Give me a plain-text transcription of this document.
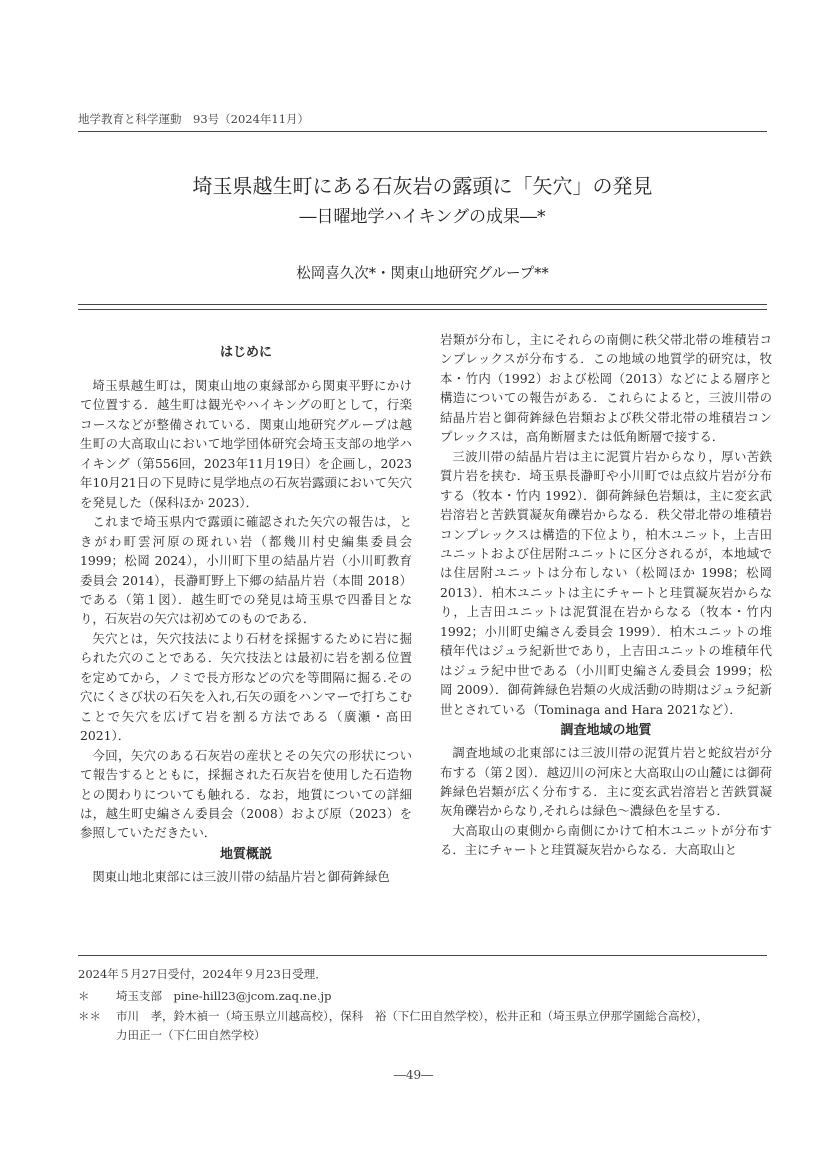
地学教育と科学運動　93号（2024年11月）
埼玉県越生町にある石灰岩の露頭に「矢穴」の発見
―日曜地学ハイキングの成果―*
松岡喜久次*・関東山地研究グループ**
はじめに

埼玉県越生町は，関東山地の東縁部から関東平野にかけて位置する．越生町は観光やハイキングの町として，行楽コースなどが整備されている．関東山地研究グループは越生町の大高取山において地学団体研究会埼玉支部の地学ハイキング（第556回，2023年11月19日）を企画し，2023年10月21日の下見時に見学地点の石灰岩露頭において矢穴を発見した（保科ほか 2023）．

これまで埼玉県内で露頭に確認された矢穴の報告は，ときがわ町雲河原の斑れい岩（都幾川村史編集委員会 1999；松岡 2024），小川町下里の結晶片岩（小川町教育委員会 2014），長瀞町野上下郷の結晶片岩（本間 2018）である（第１図）．越生町での発見は埼玉県で四番目となり，石灰岩の矢穴は初めてのものである．

矢穴とは，矢穴技法により石材を採掘するために岩に掘られた穴のことである．矢穴技法とは最初に岩を割る位置を定めてから，ノミで長方形などの穴を等間隔に掘る.その穴にくさび状の石矢を入れ,石矢の頭をハンマーで打ちこむことで矢穴を広げて岩を割る方法である（廣瀬・高田 2021）．

今回，矢穴のある石灰岩の産状とその矢穴の形状について報告するとともに，採掘された石灰岩を使用した石造物との関わりについても触れる．なお，地質についての詳細は，越生町史編さん委員会（2008）および原（2023）を参照していただきたい．

地質概説

関東山地北東部には三波川帯の結晶片岩と御荷鉾緑色

岩類が分布し，主にそれらの南側に秩父帯北帯の堆積岩コンプレックスが分布する．この地域の地質学的研究は，牧本・竹内（1992）および松岡（2013）などによる層序と構造についての報告がある．これらによると，三波川帯の結晶片岩と御荷鉾緑色岩類および秩父帯北帯の堆積岩コンプレックスは，高角断層または低角断層で接する．

三波川帯の結晶片岩は主に泥質片岩からなり，厚い苦鉄質片岩を挟む．埼玉県長瀞町や小川町では点紋片岩が分布する（牧本・竹内 1992）．御荷鉾緑色岩類は，主に変玄武岩溶岩と苦鉄質凝灰角礫岩からなる．秩父帯北帯の堆積岩コンプレックスは構造的下位より，柏木ユニット，上吉田ユニットおよび住居附ユニットに区分されるが，本地域では住居附ユニットは分布しない（松岡ほか 1998；松岡 2013）．柏木ユニットは主にチャートと珪質凝灰岩からなり，上吉田ユニットは泥質混在岩からなる（牧本・竹内 1992；小川町史編さん委員会 1999）．柏木ユニットの堆積年代はジュラ紀新世であり，上吉田ユニットの堆積年代はジュラ紀中世である（小川町史編さん委員会 1999；松岡 2009）．御荷鉾緑色岩類の火成活動の時期はジュラ紀新世とされている（Tominaga and Hara 2021など）．

調査地域の地質

調査地域の北東部には三波川帯の泥質片岩と蛇紋岩が分布する（第２図）．越辺川の河床と大高取山の山麓には御荷鉾緑色岩類が広く分布する．主に変玄武岩溶岩と苦鉄質凝灰角礫岩からなり,それらは緑色～濃緑色を呈する．

大高取山の東側から南側にかけて柏木ユニットが分布する．主にチャートと珪質凝灰岩からなる．大高取山と

2024年５月27日受付，2024年９月23日受理．
＊ 埼玉支部　pine-hill23@jcom.zaq.ne.jp
＊＊ 市川　孝，鈴木禎一（埼玉県立川越高校），保科　裕（下仁田自然学校），松井正和（埼玉県立伊那学園総合高校），
力田正一（下仁田自然学校）
―49―
